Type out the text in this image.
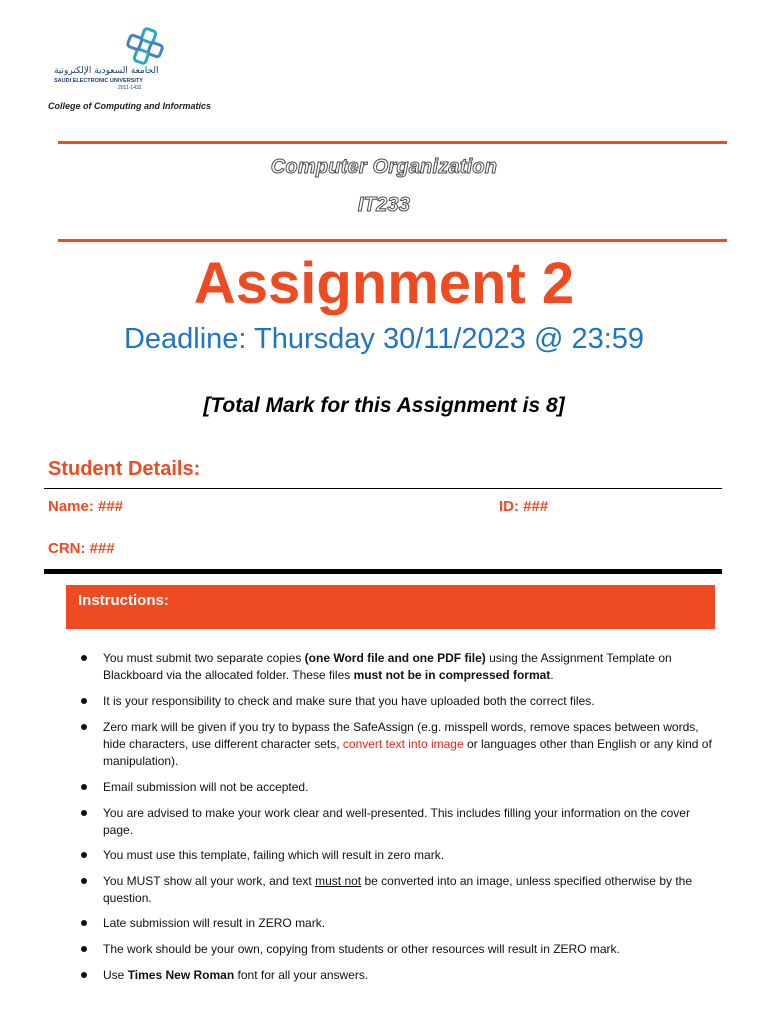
الجامعة السعودية الإلكترونية
SAUDI ELECTRONIC UNIVERSITY
2011-1432
College of Computing and Informatics
Computer Organization
IT233
Assignment 2
Deadline: Thursday 30/11/2023 @ 23:59
[Total Mark for this Assignment is 8]
Student Details:
Name: ###	ID: ###
CRN: ###
Instructions:
You must submit two separate copies (one Word file and one PDF file) using the Assignment Template on Blackboard via the allocated folder. These files must not be in compressed format.
It is your responsibility to check and make sure that you have uploaded both the correct files.
Zero mark will be given if you try to bypass the SafeAssign (e.g. misspell words, remove spaces between words, hide characters, use different character sets, convert text into image or languages other than English or any kind of manipulation).
Email submission will not be accepted.
You are advised to make your work clear and well-presented. This includes filling your information on the cover page.
You must use this template, failing which will result in zero mark.
You MUST show all your work, and text must not be converted into an image, unless specified otherwise by the question.
Late submission will result in ZERO mark.
The work should be your own, copying from students or other resources will result in ZERO mark.
Use Times New Roman font for all your answers.
